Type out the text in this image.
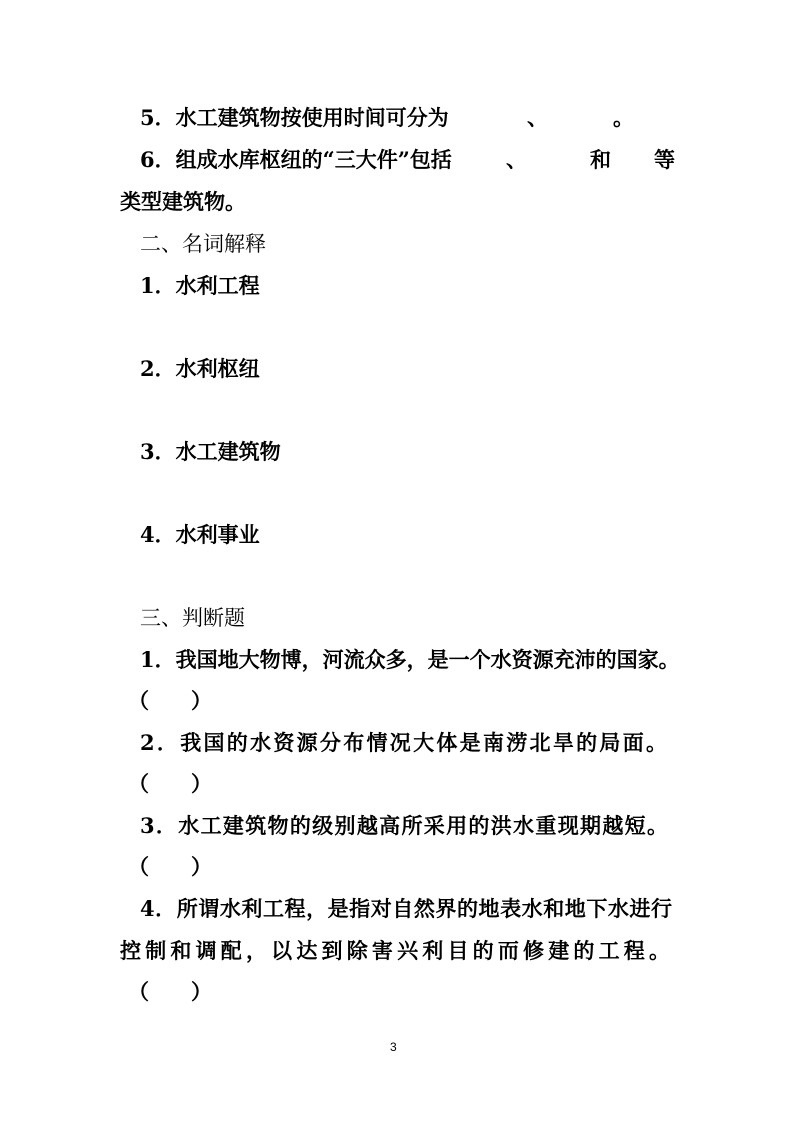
5．水工建筑物按使用时间可分为	、	。
6．组成水库枢纽的“三大件”包括	、	和 等
类型建筑物。
二、名词解释
1．水利工程
2．水利枢纽
3．水工建筑物
4．水利事业
三、判断题
1．我国地大物博，河流众多，是一个水资源充沛的国家。
（　　）
2．我国的水资源分布情况大体是南涝北旱的局面。
（　　）
3．水工建筑物的级别越高所采用的洪水重现期越短。
（　　）
4．所谓水利工程，是指对自然界的地表水和地下水进行
控制和调配，以达到除害兴利目的而修建的工程。
（　　）
3
